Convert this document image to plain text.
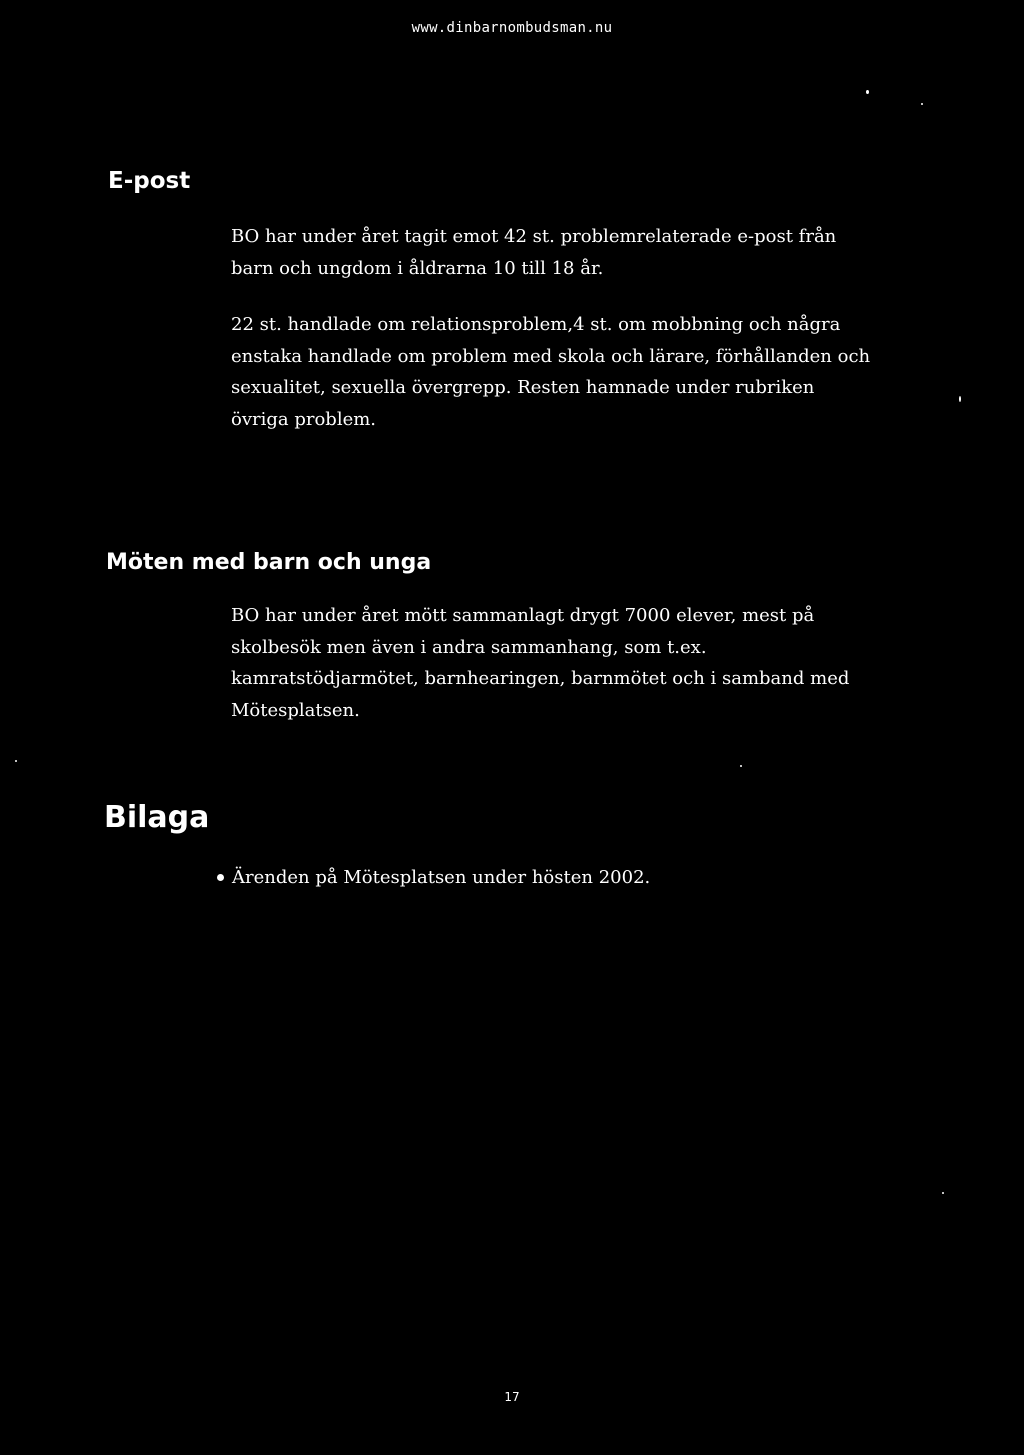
www.dinbarnombudsman.nu
E-post

BO har under året tagit emot 42 st. problemrelaterade e-post från barn och ungdom i åldrarna 10 till 18 år.

22 st. handlade om relationsproblem,4 st. om mobbning och några enstaka handlade om problem med skola och lärare, förhållanden och sexualitet, sexuella övergrepp. Resten hamnade under rubriken övriga problem.

Möten med barn och unga

BO har under året mött sammanlagt drygt 7000 elever, mest på skolbesök men även i andra sammanhang, som t.ex. kamratstödjarmötet, barnhearingen, barnmötet och i samband med Mötesplatsen.

Bilaga
Ärenden på Mötesplatsen under hösten 2002.
17
